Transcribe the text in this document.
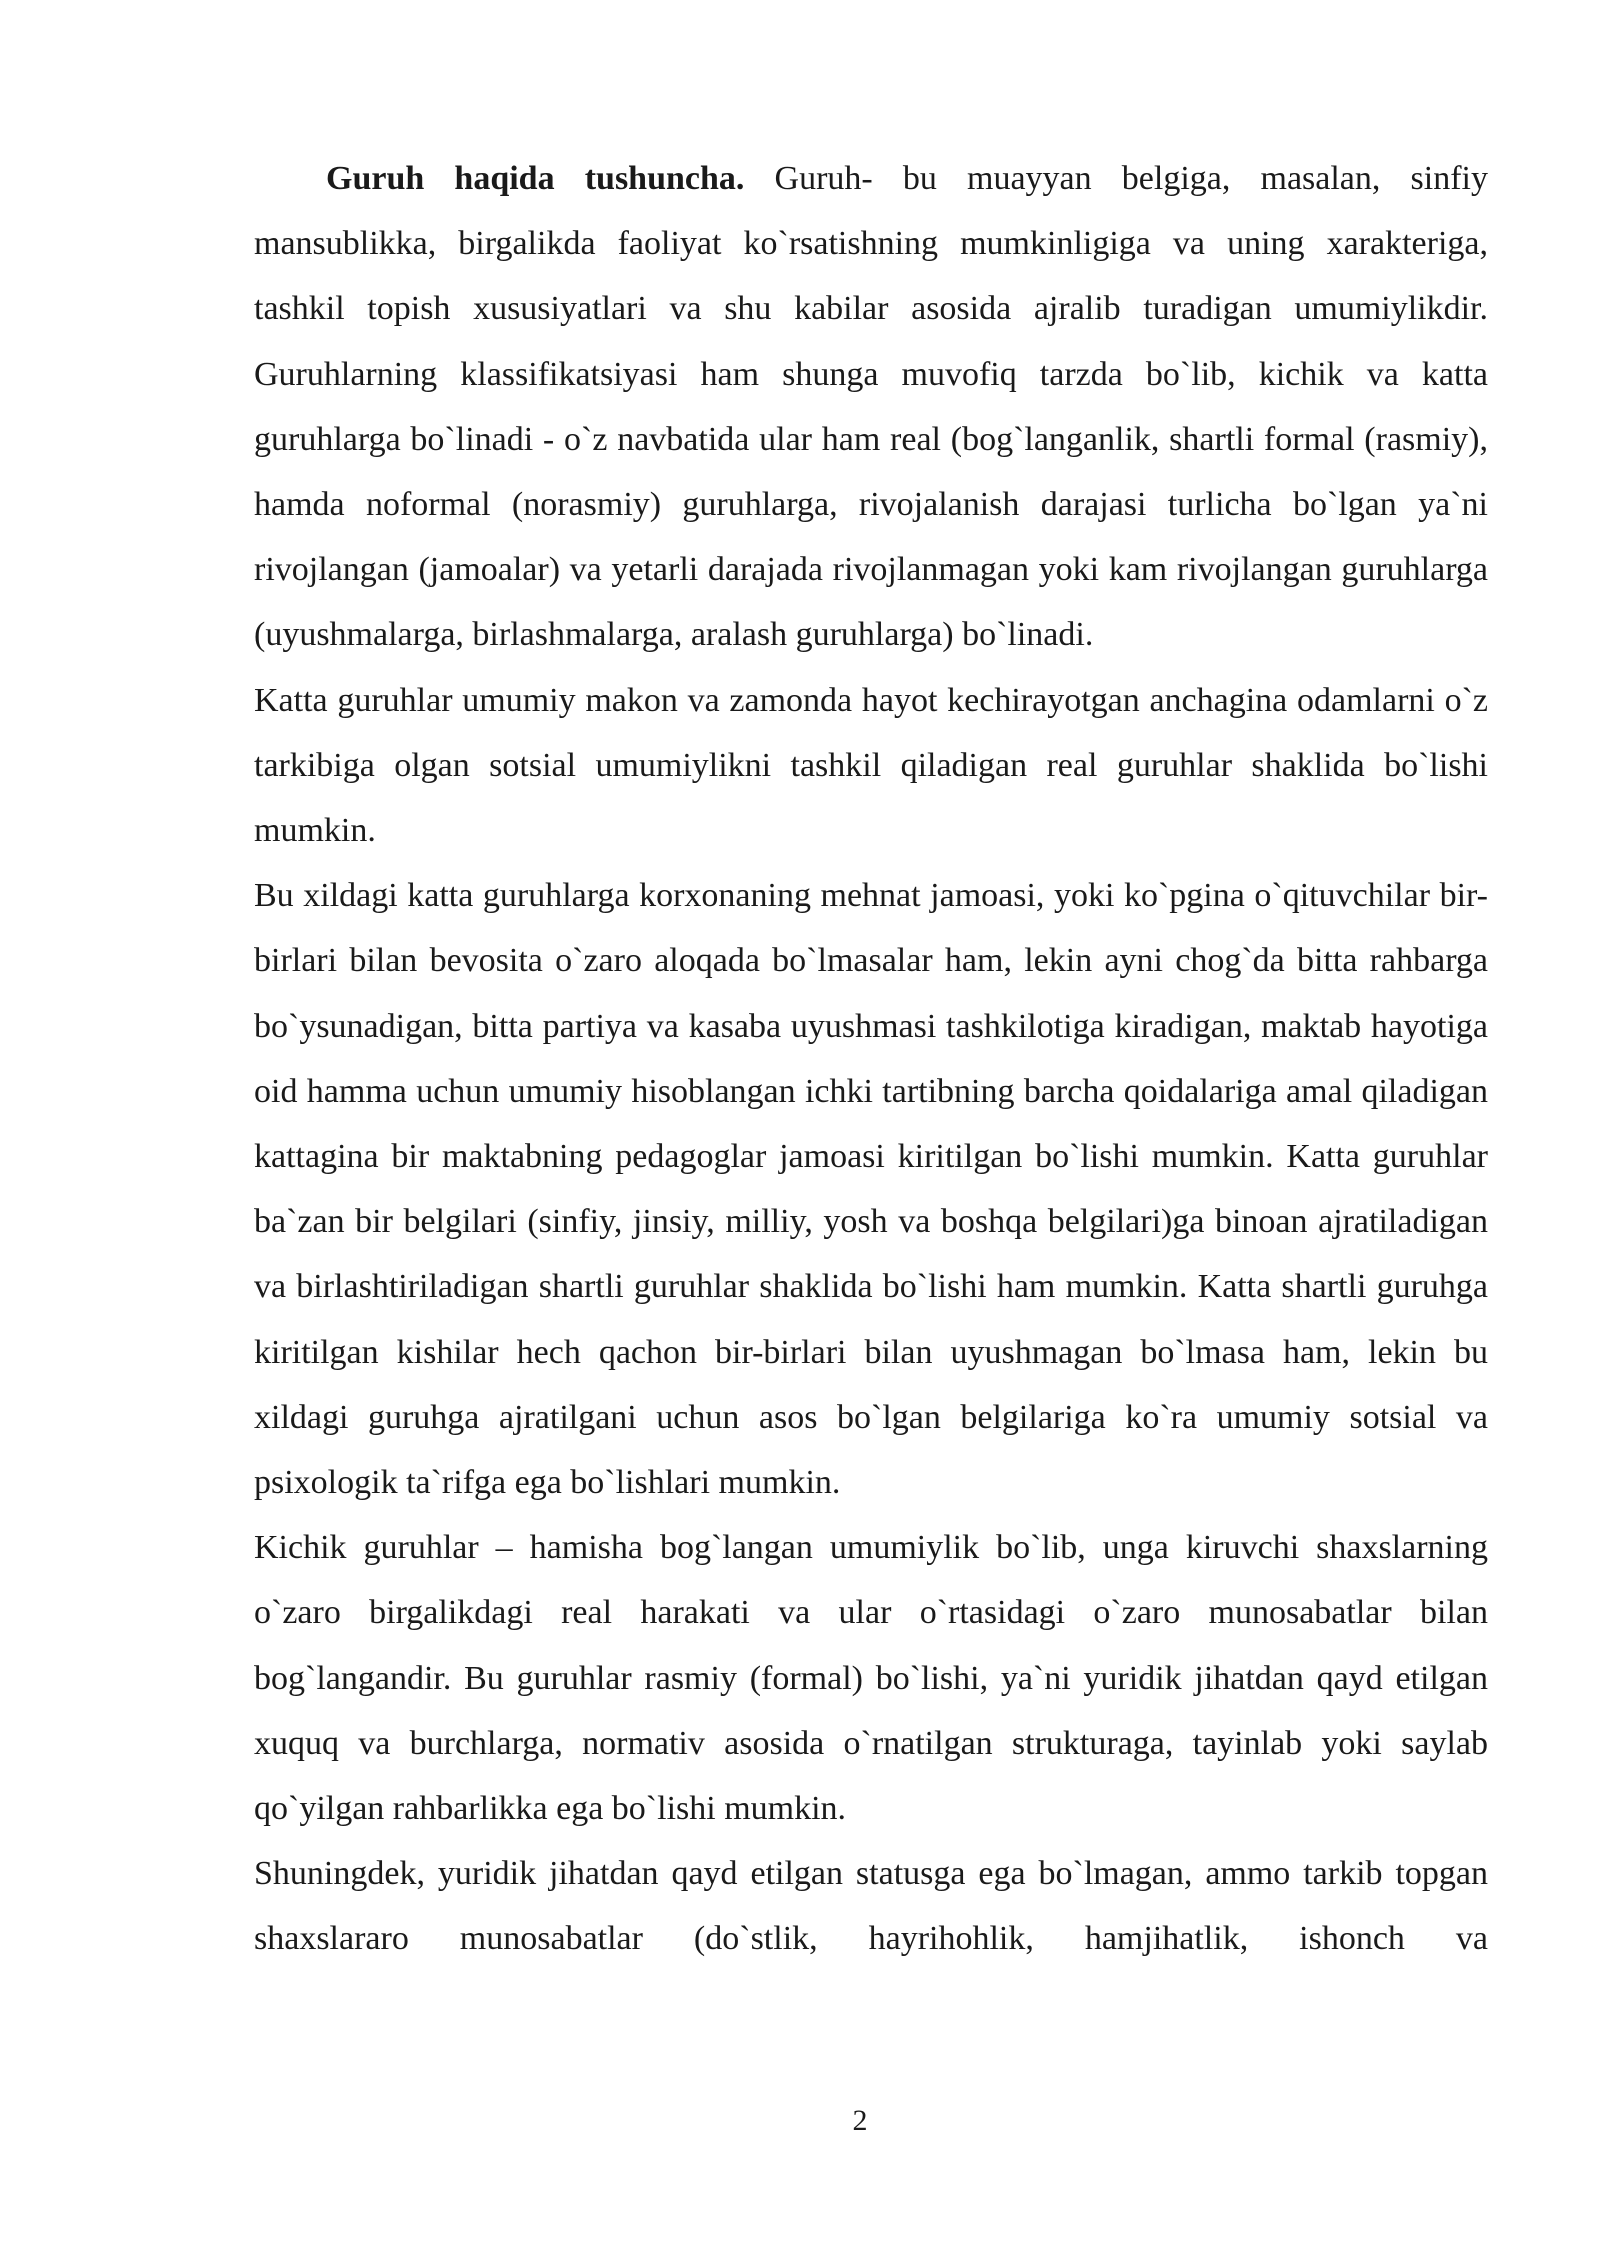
Guruh haqida tushuncha. Guruh- bu muayyan belgiga, masalan, sinfiy mansublikka, birgalikda faoliyat ko`rsatishning mumkinligiga va uning xarakteriga, tashkil topish xususiyatlari va shu kabilar asosida ajralib turadigan umumiylikdir. Guruhlarning klassifikatsiyasi ham shunga muvofiq tarzda bo`lib, kichik va katta guruhlarga bo`linadi - o`z navbatida ular ham real (bog`langanlik, shartli formal (rasmiy), hamda noformal (norasmiy) guruhlarga, rivojalanish darajasi turlicha bo`lgan ya`ni rivojlangan (jamoalar) va yetarli darajada rivojlanmagan yoki kam rivojlangan guruhlarga (uyushmalarga, birlashmalarga, aralash guruhlarga) bo`linadi.

Katta guruhlar umumiy makon va zamonda hayot kechirayotgan anchagina odamlarni o`z tarkibiga olgan sotsial umumiylikni tashkil qiladigan real guruhlar shaklida bo`lishi mumkin.

Bu xildagi katta guruhlarga korxonaning mehnat jamoasi, yoki ko`pgina o`qituvchilar bir-birlari bilan bevosita o`zaro aloqada bo`lmasalar ham, lekin ayni chog`da bitta rahbarga bo`ysunadigan, bitta partiya va kasaba uyushmasi tashkilotiga kiradigan, maktab hayotiga oid hamma uchun umumiy hisoblangan ichki tartibning barcha qoidalariga amal qiladigan kattagina bir maktabning pedagoglar jamoasi kiritilgan bo`lishi mumkin. Katta guruhlar ba`zan bir belgilari (sinfiy, jinsiy, milliy, yosh va boshqa belgilari)ga binoan ajratiladigan va birlashtiriladigan shartli guruhlar shaklida bo`lishi ham mumkin. Katta shartli guruhga kiritilgan kishilar hech qachon bir-birlari bilan uyushmagan bo`lmasa ham, lekin bu xildagi guruhga ajratilgani uchun asos bo`lgan belgilariga ko`ra umumiy sotsial va psixologik ta`rifga ega bo`lishlari mumkin.

Kichik guruhlar – hamisha bog`langan umumiylik bo`lib, unga kiruvchi shaxslarning o`zaro birgalikdagi real harakati va ular o`rtasidagi o`zaro munosabatlar bilan bog`langandir. Bu guruhlar rasmiy (formal) bo`lishi, ya`ni yuridik jihatdan qayd etilgan xuquq va burchlarga, normativ asosida o`rnatilgan strukturaga, tayinlab yoki saylab qo`yilgan rahbarlikka ega bo`lishi mumkin.

Shuningdek, yuridik jihatdan qayd etilgan statusga ega bo`lmagan, ammo tarkib topgan shaxslararo munosabatlar (do`stlik, hayrihohlik, hamjihatlik, ishonch va

2
